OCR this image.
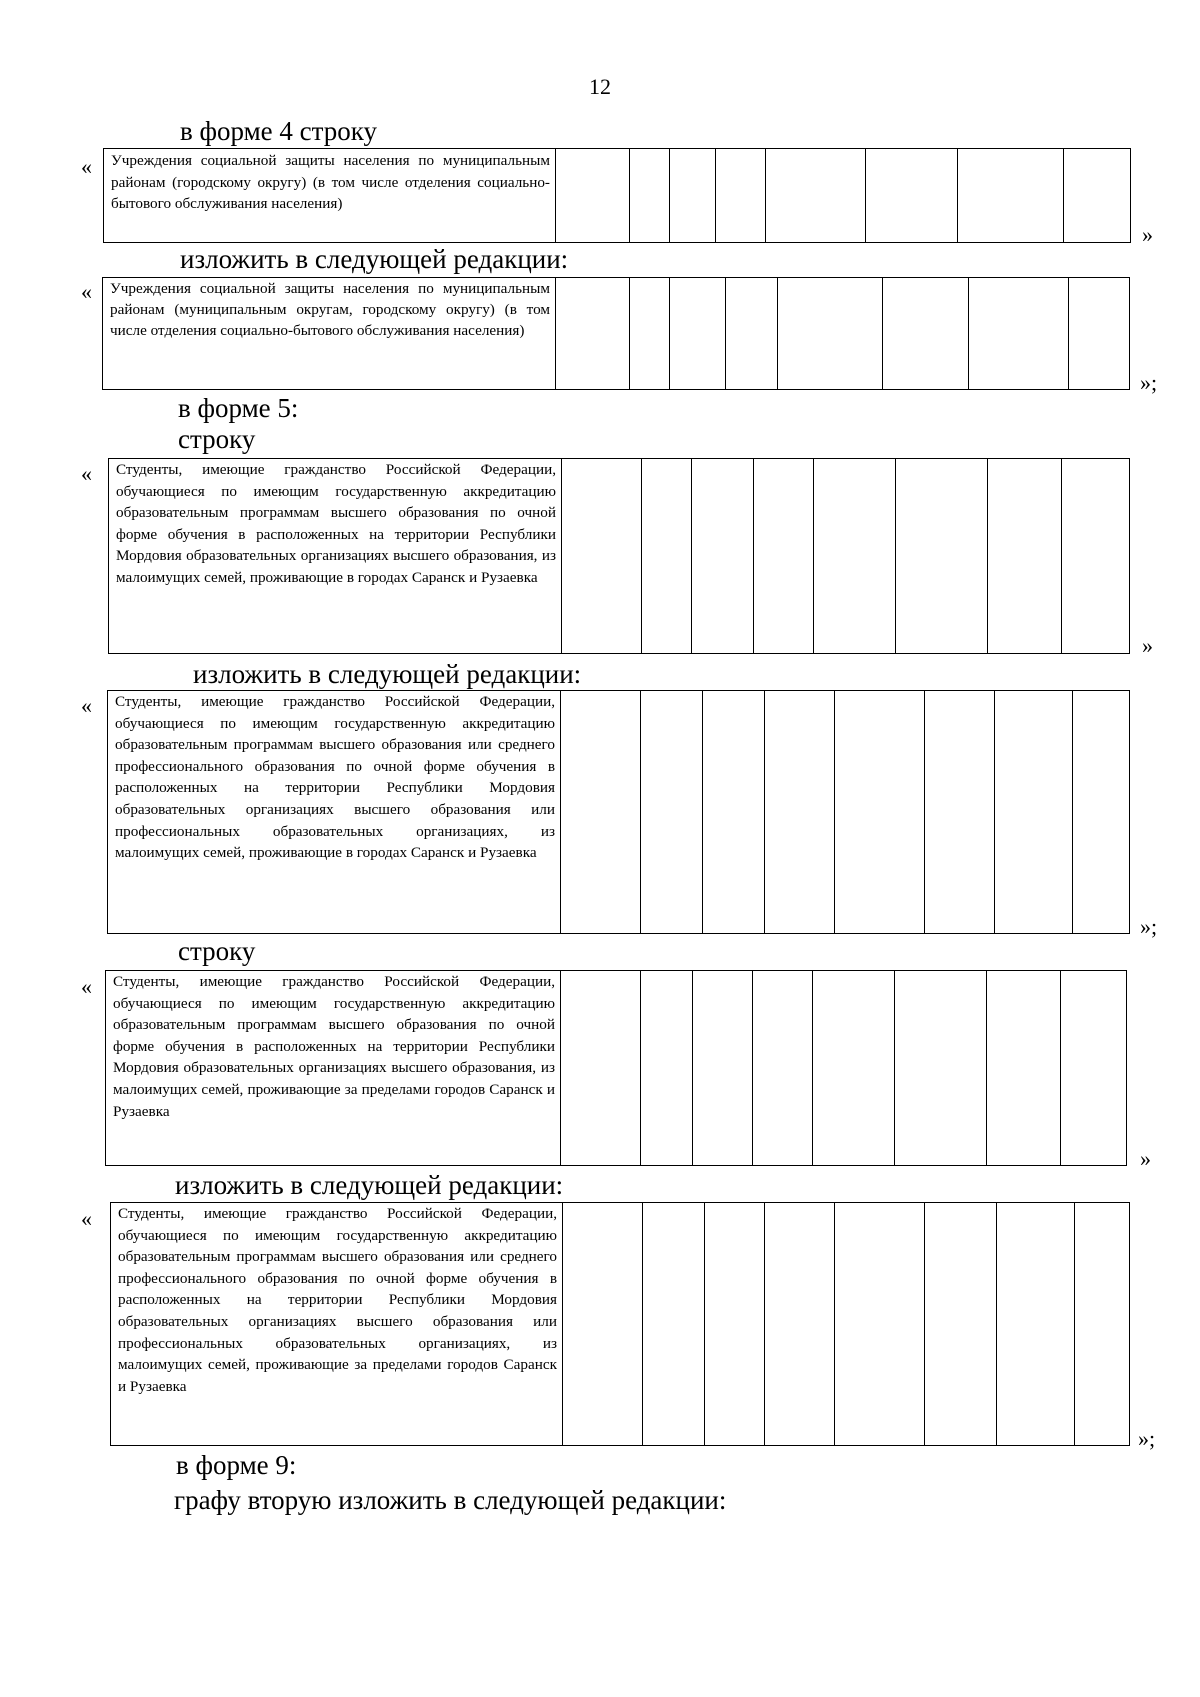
12
в форме 4 строку
«	Учреждения социальной защиты населения по муниципальным районам (городскому округу) (в том числе отделения социально-бытового обслуживания населения)
»
изложить в следующей редакции:
«	Учреждения социальной защиты населения по муниципальным районам (муниципальным округам, городскому округу) (в том числе отделения социально-бытового обслуживания населения)
»;
в форме 5:
строку
«	Студенты, имеющие гражданство Российской Федерации, обучающиеся по имеющим государственную аккредитацию образовательным программам высшего образования по очной форме обучения в расположенных на территории Республики Мордовия образовательных организациях высшего образования, из малоимущих семей, проживающие в городах Саранск и Рузаевка
»
изложить в следующей редакции:
«	Студенты, имеющие гражданство Российской Федерации, обучающиеся по имеющим государственную аккредитацию образовательным программам высшего образования или среднего профессионального образования по очной форме обучения в расположенных на территории Республики Мордовия образовательных организациях высшего образования или профессиональных образовательных организациях, из малоимущих семей, проживающие в городах Саранск и Рузаевка
»;
строку
«	Студенты, имеющие гражданство Российской Федерации, обучающиеся по имеющим государственную аккредитацию образовательным программам высшего образования по очной форме обучения в расположенных на территории Республики Мордовия образовательных организациях высшего образования, из малоимущих семей, проживающие за пределами городов Саранск и Рузаевка
»
изложить в следующей редакции:
«	Студенты, имеющие гражданство Российской Федерации, обучающиеся по имеющим государственную аккредитацию образовательным программам высшего образования или среднего профессионального образования по очной форме обучения в расположенных на территории Республики Мордовия образовательных организациях высшего образования или профессиональных образовательных организациях, из малоимущих семей, проживающие за пределами городов Саранск и Рузаевка
»;
в форме 9:
графу вторую изложить в следующей редакции:
